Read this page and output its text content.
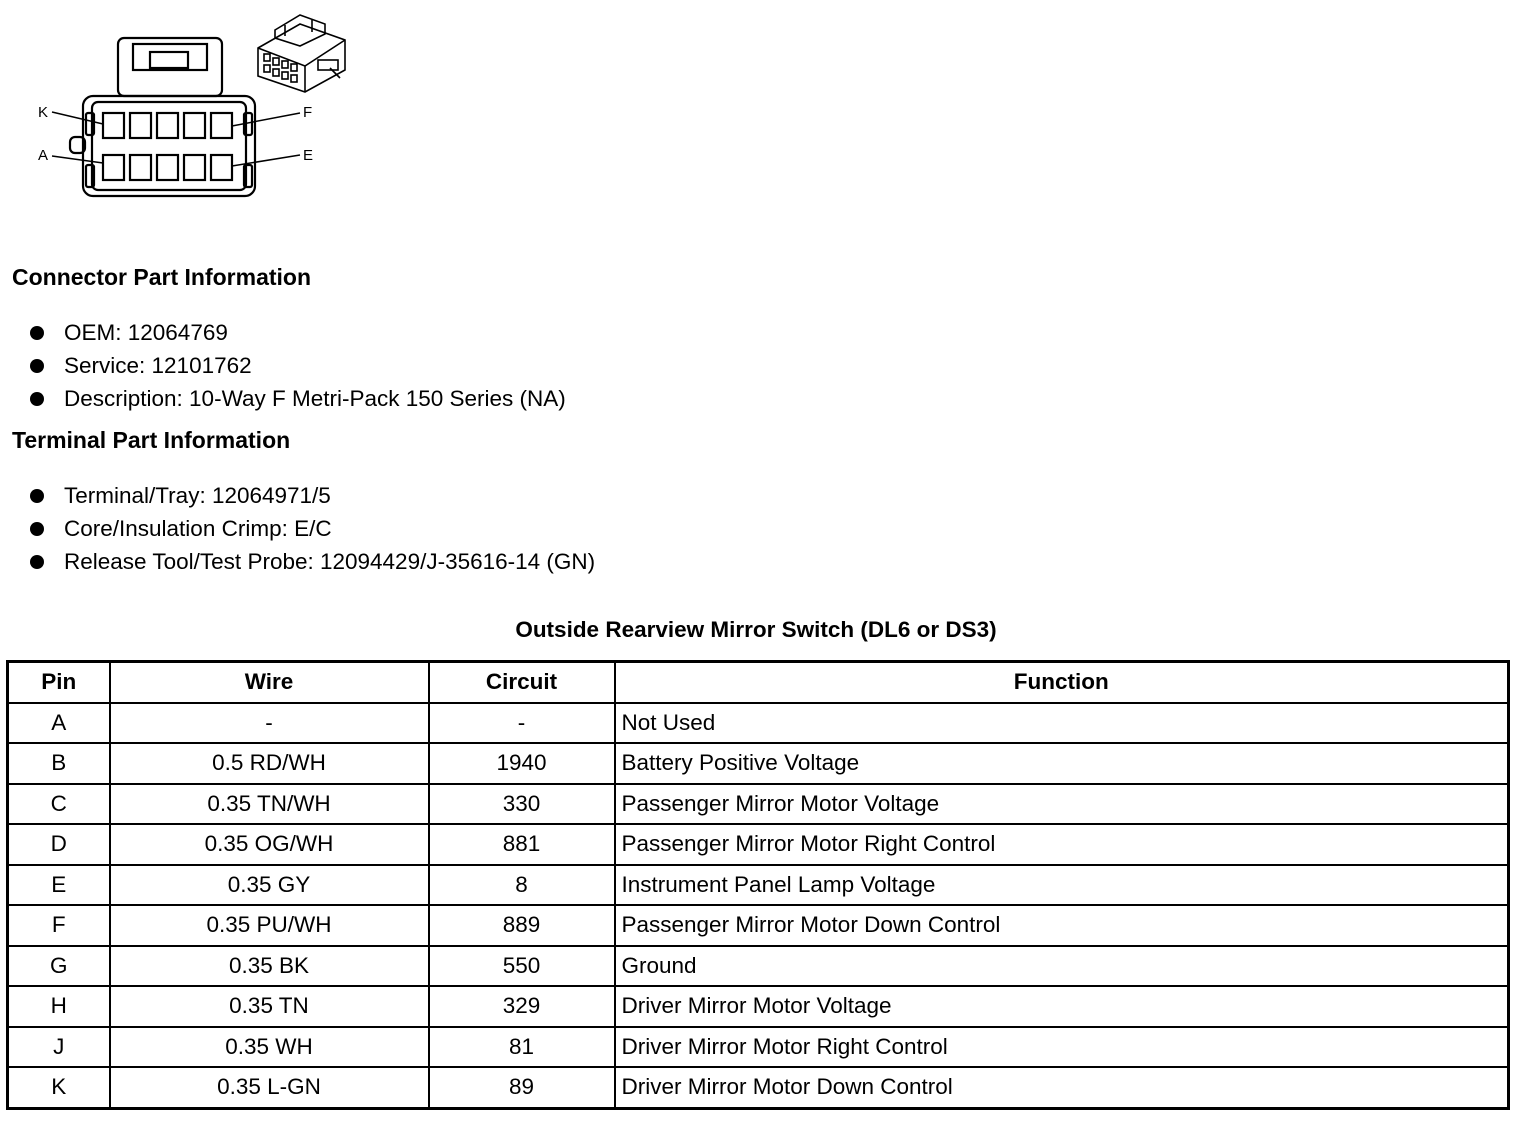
K
A
F
E
Connector Part Information
OEM: 12064769
Service: 12101762
Description: 10-Way F Metri-Pack 150 Series (NA)
Terminal Part Information
Terminal/Tray: 12064971/5
Core/Insulation Crimp: E/C
Release Tool/Test Probe: 12094429/J-35616-14 (GN)
Outside Rearview Mirror Switch (DL6 or DS3)
Pin	Wire	Circuit	Function
A	-	-	Not Used
B	0.5 RD/WH	1940	Battery Positive Voltage
C	0.35 TN/WH	330	Passenger Mirror Motor Voltage
D	0.35 OG/WH	881	Passenger Mirror Motor Right Control
E	0.35 GY	8	Instrument Panel Lamp Voltage
F	0.35 PU/WH	889	Passenger Mirror Motor Down Control
G	0.35 BK	550	Ground
H	0.35 TN	329	Driver Mirror Motor Voltage
J	0.35 WH	81	Driver Mirror Motor Right Control
K	0.35 L-GN	89	Driver Mirror Motor Down Control
